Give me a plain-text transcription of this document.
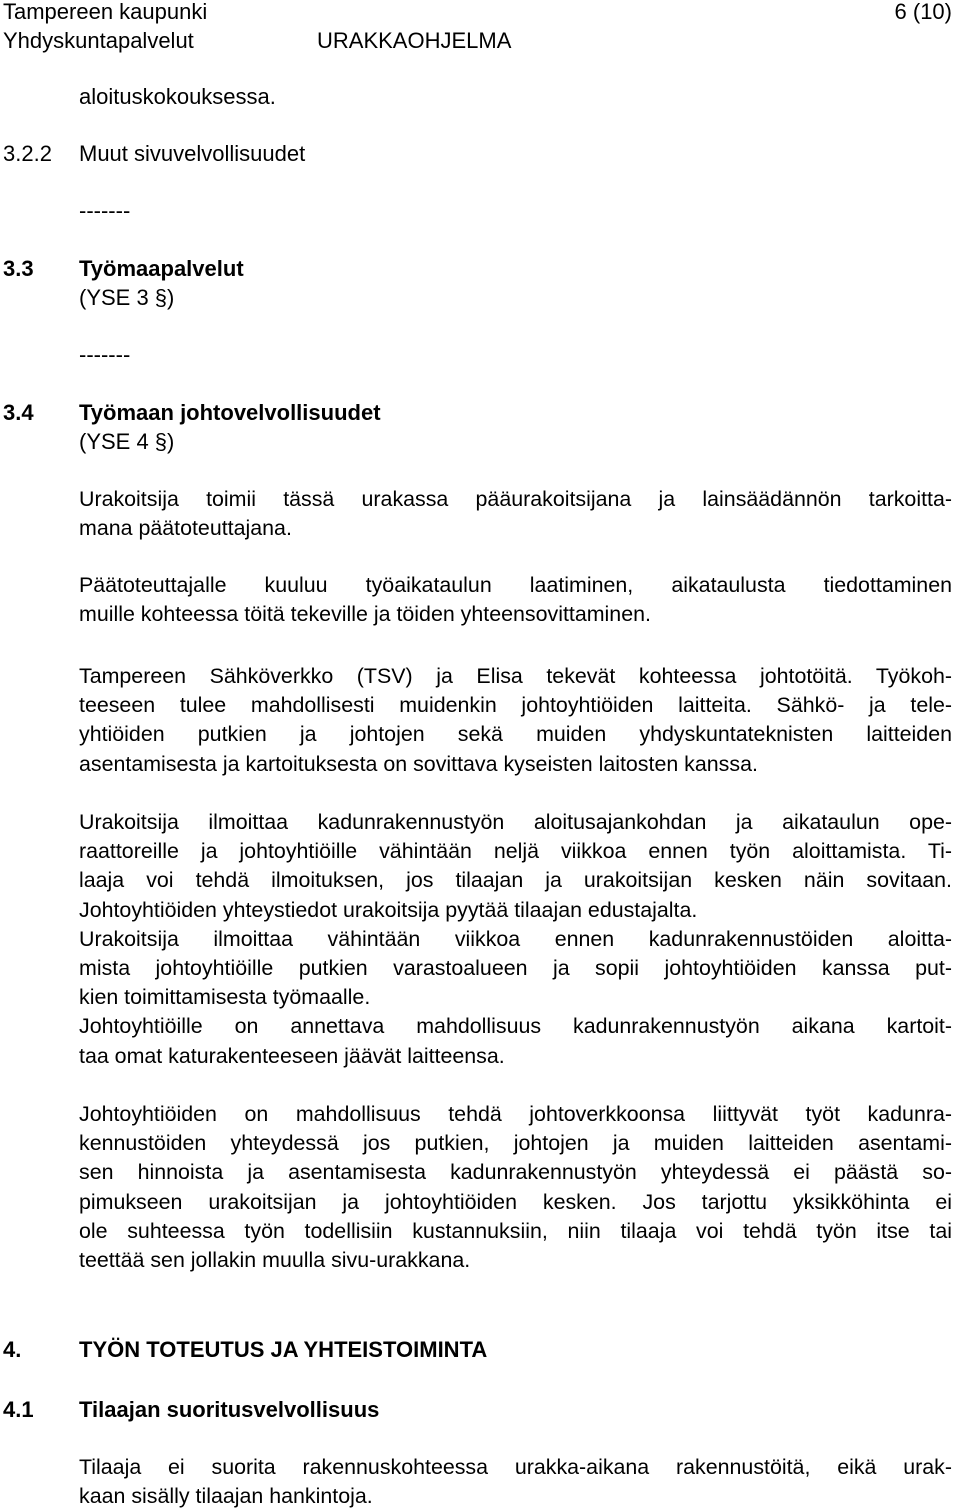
Tampereen kaupunki
Yhdyskuntapalvelut	URAKKAOHJELMA
6 (10)
aloituskokouksessa.
3.2.2 Muut sivuvelvollisuudet
-------
3.3 Työmaapalvelut
(YSE 3 §)
-------
3.4 Työmaan johtovelvollisuudet
(YSE 4 §)
Urakoitsija toimii tässä urakassa pääurakoitsijana ja lainsäädännön tarkoitta-
mana päätoteuttajana.
Päätoteuttajalle kuuluu työaikataulun laatiminen, aikataulusta tiedottaminen
muille kohteessa töitä tekeville ja töiden yhteensovittaminen.
Tampereen Sähköverkko (TSV) ja Elisa tekevät kohteessa johtotöitä. Työkoh-
teeseen tulee mahdollisesti muidenkin johtoyhtiöiden laitteita. Sähkö- ja tele-
yhtiöiden putkien ja johtojen sekä muiden yhdyskuntateknisten laitteiden
asentamisesta ja kartoituksesta on sovittava kyseisten laitosten kanssa.
Urakoitsija ilmoittaa kadunrakennustyön aloitusajankohdan ja aikataulun ope-
raattoreille ja johtoyhtiöille vähintään neljä viikkoa ennen työn aloittamista. Ti-
laaja voi tehdä ilmoituksen, jos tilaajan ja urakoitsijan kesken näin sovitaan.
Johtoyhtiöiden yhteystiedot urakoitsija pyytää tilaajan edustajalta.
Urakoitsija ilmoittaa vähintään viikkoa ennen kadunrakennustöiden aloitta-
mista johtoyhtiöille putkien varastoalueen ja sopii johtoyhtiöiden kanssa put-
kien toimittamisesta työmaalle.
Johtoyhtiöille on annettava mahdollisuus kadunrakennustyön aikana kartoit-
taa omat katurakenteeseen jäävät laitteensa.
Johtoyhtiöiden on mahdollisuus tehdä johtoverkkoonsa liittyvät työt kadunra-
kennustöiden yhteydessä jos putkien, johtojen ja muiden laitteiden asentami-
sen hinnoista ja asentamisesta kadunrakennustyön yhteydessä ei päästä so-
pimukseen urakoitsijan ja johtoyhtiöiden kesken. Jos tarjottu yksikköhinta ei
ole suhteessa työn todellisiin kustannuksiin, niin tilaaja voi tehdä työn itse tai
teettää sen jollakin muulla sivu-urakkana.
4.	TYÖN TOTEUTUS JA YHTEISTOIMINTA
4.1 Tilaajan suoritusvelvollisuus
Tilaaja ei suorita rakennuskohteessa urakka-aikana rakennustöitä, eikä urak-
kaan sisälly tilaajan hankintoja.
